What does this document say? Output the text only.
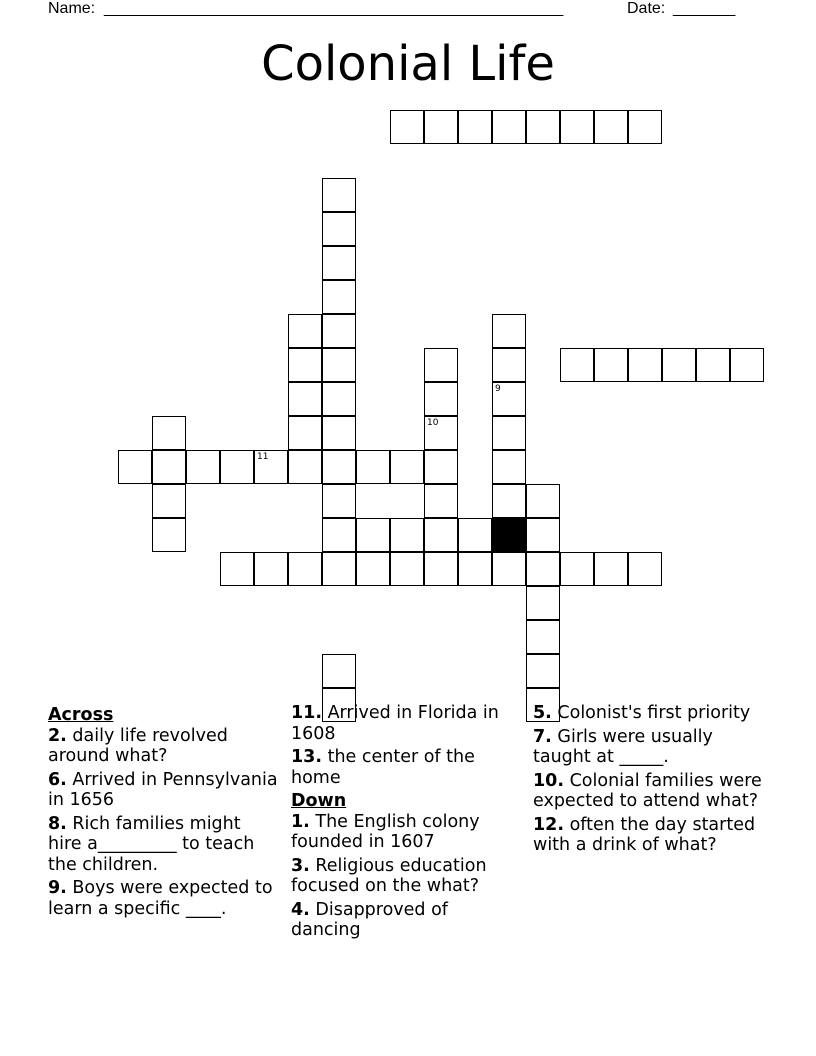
Name: ______________________________________________________	Date: _______
Colonial Life
9
10
11
Across
2. daily life revolved around what?
6. Arrived in Pennsylvania in 1656
8. Rich families might hire a_________ to teach the children.
9. Boys were expected to learn a specific ____.
11. Arrived in Florida in 1608
13. the center of the home
Down
1. The English colony founded in 1607
3. Religious education focused on the what?
4. Disapproved of dancing
5. Colonist's first priority
7. Girls were usually taught at _____.
10. Colonial families were expected to attend what?
12. often the day started with a drink of what?
